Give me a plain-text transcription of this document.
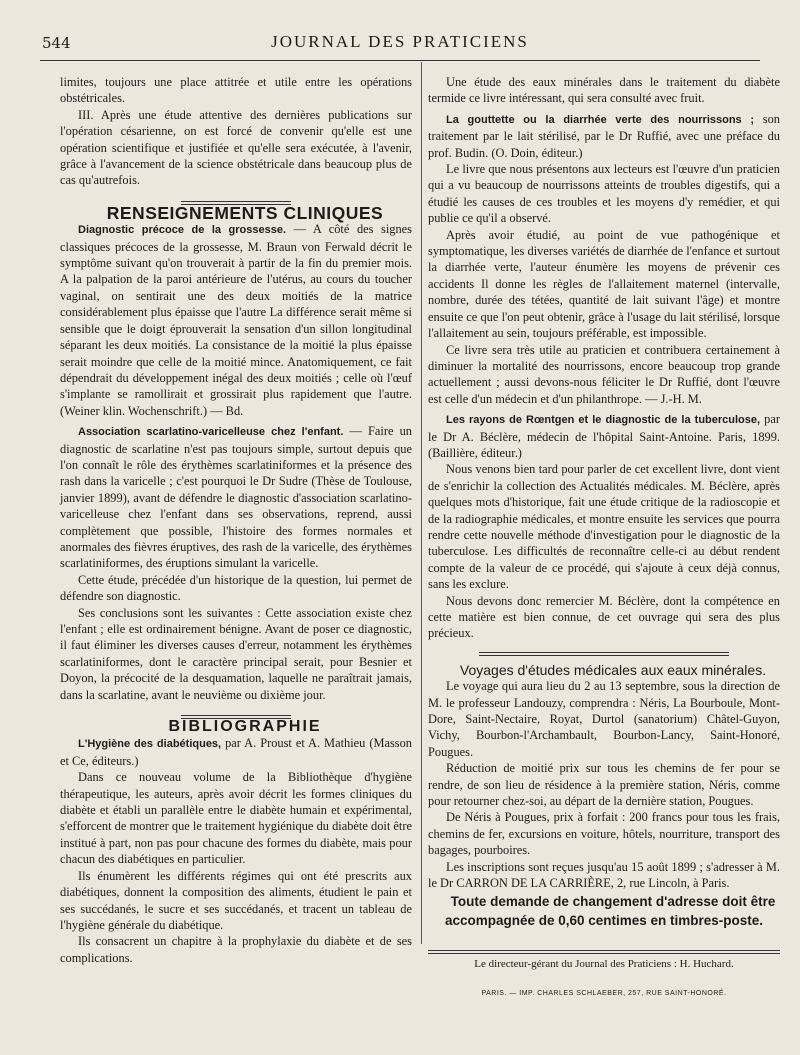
544	JOURNAL DES PRATICIENS

limites, toujours une place attitrée et utile entre les opérations obstétricales.

III. Après une étude attentive des dernières publications sur l'opération césarienne, on est forcé de convenir qu'elle est une opération scientifique et justifiée et qu'elle sera exécutée, à l'avenir, grâce à l'avancement de la science obstétricale dans beaucoup plus de cas qu'autrefois.

RENSEIGNEMENTS CLINIQUES

Diagnostic précoce de la grossesse. — A côté des signes classiques précoces de la grossesse, M. Braun von Ferwald décrit le symptôme suivant qu'on trouverait à partir de la fin du premier mois. A la palpation de la paroi antérieure de l'utérus, au cours du toucher vaginal, on sentirait une des deux moitiés de la matrice considérablement plus épaisse que l'autre La différence serait même si sensible que le doigt éprouverait la sensation d'un sillon longitudinal séparant les deux moitiés. La consistance de la moitié la plus épaisse serait moindre que celle de la moitié mince. Anatomiquement, ce fait dépendrait du développement inégal des deux moitiés ; celle où l'œuf s'implante se ramollirait et grossirait plus rapidement que l'autre. (Weiner klin. Wochenschrift.) — Bd.

Association scarlatino-varicelleuse chez l'enfant. — Faire un diagnostic de scarlatine n'est pas toujours simple, surtout depuis que l'on connaît le rôle des érythèmes scarlatiniformes et la présence des rash dans la varicelle ; c'est pourquoi le Dr Sudre (Thèse de Toulouse, janvier 1899), avant de défendre le diagnostic d'association scarlatino-varicelleuse chez l'enfant dans ses observations, reprend, aussi complètement que possible, l'histoire des formes normales et anormales des fièvres éruptives, des rash de la varicelle, des érythèmes scarlatiniformes, des éruptions simulant la varicelle.

Cette étude, précédée d'un historique de la question, lui permet de défendre son diagnostic.

Ses conclusions sont les suivantes : Cette association existe chez l'enfant ; elle est ordinairement bénigne. Avant de poser ce diagnostic, il faut éliminer les diverses causes d'erreur, notamment les érythèmes scarlatiniformes, dont le caractère principal serait, pour Besnier et Doyon, la précocité de la desquamation, laquelle ne paraîtrait jamais, dans la scarlatine, avant le neuvième ou dixième jour.

BIBLIOGRAPHIE

L'Hygiène des diabétiques, par A. Proust et A. Mathieu (Masson et Ce, éditeurs.)

Dans ce nouveau volume de la Bibliothèque d'hygiène thérapeutique, les auteurs, après avoir décrit les formes cliniques du diabète et établi un parallèle entre le diabète humain et expérimental, s'efforcent de montrer que le traitement hygiénique du diabète doit être institué à part, non pas pour chacune des formes du diabète, mais pour chacun des diabétiques en particulier.

Ils énumèrent les différents régimes qui ont été prescrits aux diabétiques, donnent la composition des aliments, étudient le pain et ses succédanés, le sucre et ses succédanés, et tracent un tableau de l'hygiène générale du diabétique.

Ils consacrent un chapitre à la prophylaxie du diabète et de ses complications.

Une étude des eaux minérales dans le traitement du diabète termide ce livre intéressant, qui sera consulté avec fruit.

La gouttette ou la diarrhée verte des nourrissons ; son traitement par le lait stérilisé, par le Dr Ruffié, avec une préface du prof. Budin. (O. Doin, éditeur.)

Le livre que nous présentons aux lecteurs est l'œuvre d'un praticien qui a vu beaucoup de nourrissons atteints de troubles digestifs, qui a étudié les causes de ces troubles et les moyens d'y remédier, et qui publie ce qu'il a observé.

Après avoir étudié, au point de vue pathogénique et symptomatique, les diverses variétés de diarrhée de l'enfance et surtout la diarrhée verte, l'auteur énumère les moyens de prévenir ces accidents Il donne les règles de l'allaitement maternel (intervalle, nombre, durée des tétées, quantité de lait suivant l'âge) et montre ensuite ce que l'on peut obtenir, grâce à l'usage du lait stérilisé, lorsque l'allaitement au sein, toujours préférable, est impossible.

Ce livre sera très utile au praticien et contribuera certainement à diminuer la mortalité des nourrissons, encore beaucoup trop grande actuellement ; aussi devons-nous féliciter le Dr Ruffié, dont l'œuvre est celle d'un médecin et d'un philanthrope. — J.-H. M.

Les rayons de Rœntgen et le diagnostic de la tuberculose, par le Dr A. Béclère, médecin de l'hôpital Saint-Antoine. Paris, 1899. (Baillière, éditeur.)

Nous venons bien tard pour parler de cet excellent livre, dont vient de s'enrichir la collection des Actualités médicales. M. Béclère, après quelques mots d'historique, fait une étude critique de la radioscopie et de la radiographie médicales, et montre ensuite les services que pourra rendre cette nouvelle méthode d'investigation pour le diagnostic de la tuberculose. Les difficultés de reconnaître celle-ci au début rendent compte de la valeur de ce procédé, qui s'ajoute à ceux déjà connus, sans les exclure.

Nous devons donc remercier M. Béclère, dont la compétence en cette matière est bien connue, de cet ouvrage qui sera des plus précieux.

Voyages d'études médicales aux eaux minérales.

Le voyage qui aura lieu du 2 au 13 septembre, sous la direction de M. le professeur Landouzy, comprendra : Néris, La Bourboule, Mont-Dore, Saint-Nectaire, Royat, Durtol (sanatorium) Châtel-Guyon, Vichy, Bourbon-l'Archambault, Bourbon-Lancy, Saint-Honoré, Pougues.

Réduction de moitié prix sur tous les chemins de fer pour se rendre, de son lieu de résidence à la première station, Néris, comme pour retourner chez-soi, au départ de la dernière station, Pougues.

De Néris à Pougues, prix à forfait : 200 francs pour tous les frais, chemins de fer, excursions en voiture, hôtels, nourriture, transport des bagages, pourboires.

Les inscriptions sont reçues jusqu'au 15 août 1899 ; s'adresser à M. le Dr CARRON DE LA CARRIÈRE, 2, rue Lincoln, à Paris.

Toute demande de changement d'adresse doit être accompagnée de 0,60 centimes en timbres-poste.

Le directeur-gérant du Journal des Praticiens : H. Huchard.
PARIS. — IMP. CHARLES SCHLAEBER, 257, RUE SAINT-HONORÉ.
